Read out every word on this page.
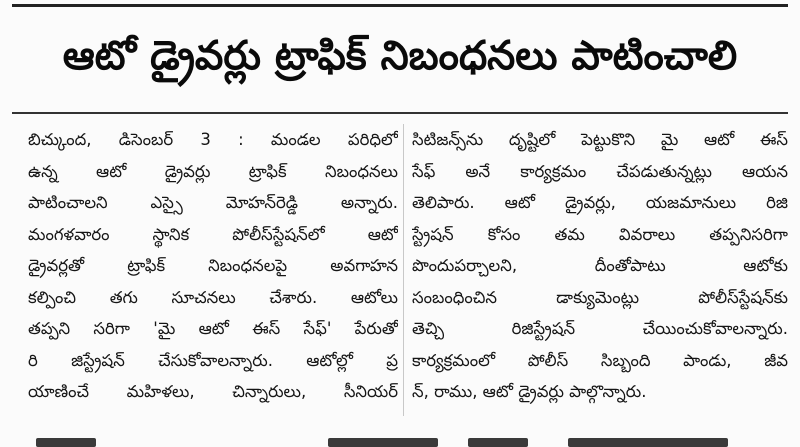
ఆటో డ్రైవర్లు ట్రాఫిక్ నిబంధనలు పాటించాలి
బిచ్కుంద, డిసెంబర్ 3 : మండల పరిధిలో
ఉన్న ఆటో డ్రైవర్లు ట్రాఫిక్ నిబంధనలు
పాటించాలని ఎస్సై మోహన్‌రెడ్డి అన్నారు.
మంగళవారం స్థానిక పోలీస్‌స్టేషన్‌లో ఆటో
డ్రైవర్లతో ట్రాఫిక్ నిబంధనలపై అవగాహన
కల్పించి తగు సూచనలు చేశారు. ఆటోలు
తప్పని సరిగా 'మై ఆటో ఈస్ సేఫ్' పేరుతో
రి జిస్ట్రేషన్ చేసుకోవాలన్నారు. ఆటోల్లో ప్ర
యాణించే మహిళలు, చిన్నారులు, సీనియర్
సిటిజన్స్‌ను దృష్టిలో పెట్టుకొని మై ఆటో ఈస్
సేఫ్ అనే కార్యక్రమం చేపడుతున్నట్లు ఆయన
తెలిపారు. ఆటో డ్రైవర్లు, యజమానులు రిజి
స్ట్రేషన్ కోసం తమ వివరాలు తప్పనిసరిగా
పొందుపర్చాలని, దీంతోపాటు ఆటోకు
సంబంధించిన డాక్యుమెంట్లు పోలీస్‌స్టేషన్‌కు
తెచ్చి రిజిస్ట్రేషన్ చేయించుకోవాలన్నారు.
కార్యక్రమంలో పోలీస్ సిబ్బంది పాండు, జీవ
న్, రాము, ఆటో డ్రైవర్లు పాల్గొన్నారు.
